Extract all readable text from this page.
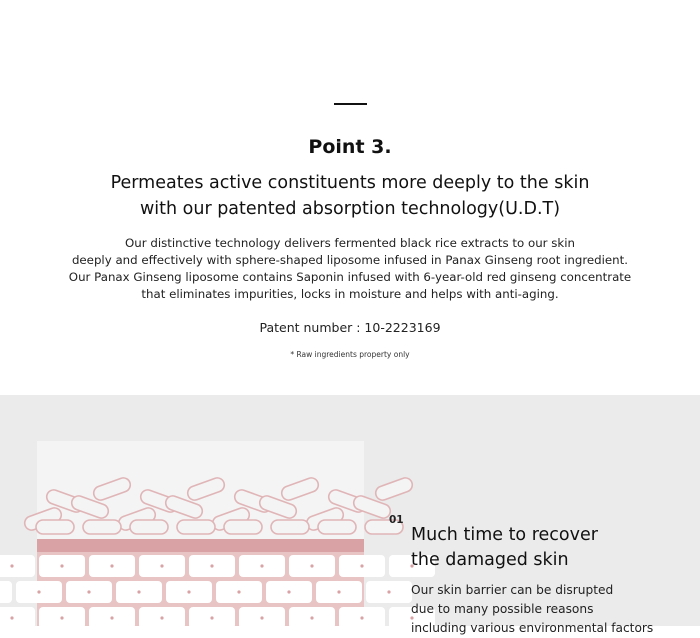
Point 3.
Permeates active constituents more deeply to the skin
with our patented absorption technology(U.D.T)
Our distinctive technology delivers fermented black rice extracts to our skin
deeply and effectively with sphere-shaped liposome infused in Panax Ginseng root ingredient.
Our Panax Ginseng liposome contains Saponin infused with 6-year-old red ginseng concentrate
that eliminates impurities, locks in moisture and helps with anti-aging.
Patent number : 10-2223169
* Raw ingredients property only
01
Much time to recover
the damaged skin
Our skin barrier can be disrupted
due to many possible reasons
including various environmental factors
